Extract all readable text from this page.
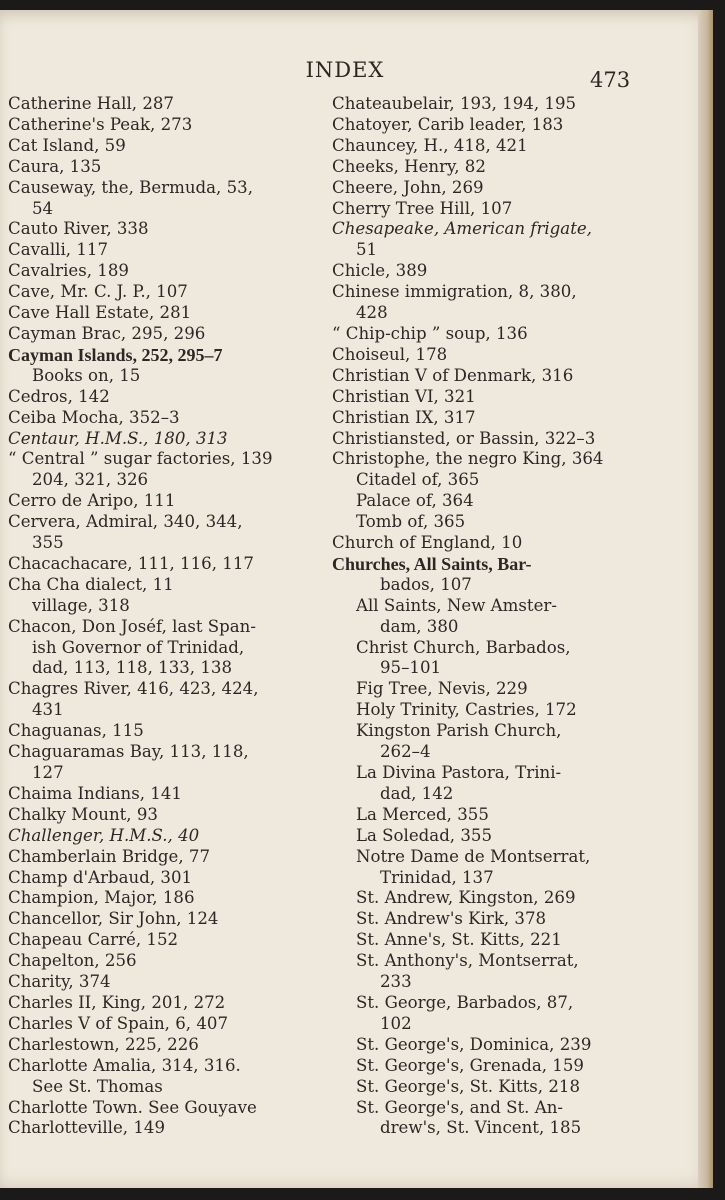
INDEX	473
Catherine Hall, 287
Catherine's Peak, 273
Cat Island, 59
Caura, 135
Causeway, the, Bermuda, 53,
54
Cauto River, 338
Cavalli, 117
Cavalries, 189
Cave, Mr. C. J. P., 107
Cave Hall Estate, 281
Cayman Brac, 295, 296
Cayman Islands, 252, 295–7
Books on, 15
Cedros, 142
Ceiba Mocha, 352–3
Centaur, H.M.S., 180, 313
“ Central ” sugar factories, 139
204, 321, 326
Cerro de Aripo, 111
Cervera, Admiral, 340, 344,
355
Chacachacare, 111, 116, 117
Cha Cha dialect, 11
village, 318
Chacon, Don Joséf, last Span-
ish Governor of Trinidad,
dad, 113, 118, 133, 138
Chagres River, 416, 423, 424,
431
Chaguanas, 115
Chaguaramas Bay, 113, 118,
127
Chaima Indians, 141
Chalky Mount, 93
Challenger, H.M.S., 40
Chamberlain Bridge, 77
Champ d'Arbaud, 301
Champion, Major, 186
Chancellor, Sir John, 124
Chapeau Carré, 152
Chapelton, 256
Charity, 374
Charles II, King, 201, 272
Charles V of Spain, 6, 407
Charlestown, 225, 226
Charlotte Amalia, 314, 316.
See St. Thomas
Charlotte Town. See Gouyave
Charlotteville, 149
Chateaubelair, 193, 194, 195
Chatoyer, Carib leader, 183
Chauncey, H., 418, 421
Cheeks, Henry, 82
Cheere, John, 269
Cherry Tree Hill, 107
Chesapeake, American frigate,
51
Chicle, 389
Chinese immigration, 8, 380,
428
“ Chip-chip ” soup, 136
Choiseul, 178
Christian V of Denmark, 316
Christian VI, 321
Christian IX, 317
Christiansted, or Bassin, 322–3
Christophe, the negro King, 364
Citadel of, 365
Palace of, 364
Tomb of, 365
Church of England, 10
Churches, All Saints, Bar-
bados, 107
All Saints, New Amster-
dam, 380
Christ Church, Barbados,
95–101
Fig Tree, Nevis, 229
Holy Trinity, Castries, 172
Kingston Parish Church,
262–4
La Divina Pastora, Trini-
dad, 142
La Merced, 355
La Soledad, 355
Notre Dame de Montserrat,
Trinidad, 137
St. Andrew, Kingston, 269
St. Andrew's Kirk, 378
St. Anne's, St. Kitts, 221
St. Anthony's, Montserrat,
233
St. George, Barbados, 87,
102
St. George's, Dominica, 239
St. George's, Grenada, 159
St. George's, St. Kitts, 218
St. George's, and St. An-
drew's, St. Vincent, 185
